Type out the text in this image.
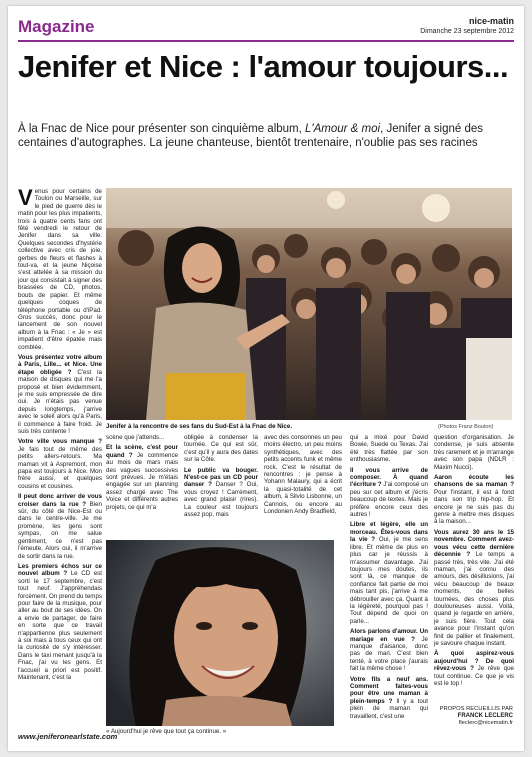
Magazine	nice-matin
Dimanche 23 septembre 2012
Jenifer et Nice : l'amour toujours...
À la Fnac de Nice pour présenter son cinquième album, L'Amour & moi, Jenifer a signé des centaines d'autographes. La jeune chanteuse, bientôt trentenaire, n'oublie pas ses racines

Venus pour certains de Toulon ou Marseille, sur le pied de guerre dès le matin pour les plus impatients, trois à quatre cents fans ont fêté vendredi le retour de Jenifer dans sa ville. Quelques secondes d'hystérie collective avec cris de joie, gerbes de fleurs et flashes à tout-va, et la jeune Niçoise s'est attelée à sa mission du jour qui consistait à signer des brassées de CD, photos, bouts de papier. Et même quelques coques de téléphone portable ou d'iPad. Gros succès, donc pour le lancement de son nouvel album à la Fnac : « Je » est impatient d'être épatée mais comblée.

Vous présentez votre album à Paris, Lille... et Nice. Une étape obligée ? C'est la maison de disques qui me l'a proposé et bien évidemment, je me suis empressée de dire oui. Je n'étais pas venue depuis longtemps, j'arrive avec le soleil alors qu'à Paris, il commence à faire froid. Je suis très contente !

Votre ville vous manque ? Je fais tout de même des petits allers-retours. Ma maman vit à Aspremont, mon papa est toujours à Nice. Mon frère aussi, et quelques cousins et cousines.

Il peut donc arriver de vous croiser dans la rue ? Bien sûr, du côté de Nice-Est ou dans le centre-ville. Je me promène, les gens sont sympas, on me salue gentiment, ce n'est pas l'émeute. Alors oui, il m'arrive de sortir dans la rue.

Les premiers échos sur ce nouvel album ? Le CD est sorti le 17 septembre, c'est tout neuf. J'appréhendais forcément. On prend du temps pour faire de la musique, pour aller au bout de ses idées. On a envie de partager, de faire en sorte que ce travail n'appartienne plus seulement à soi mais à tous ceux qui ont la curiosité de s'y intéresser. Dans le taxi menant jusqu'à la Fnac, j'ai vu les gens. Et l'accueil a priori est positif. Maintenant, c'est la

Jenifer à la rencontre de ses fans du Sud-Est à la Fnac de Nice.	(Photos Franz Bouton)

scène que j'attends...

Et la scène, c'est pour quand ? Je commence au mois de mars mais des vagues successives sont prévues. Je m'étais engagée sur un planning assez chargé avec The Voice et différents autres projets, ce qui m'a

obligée à condenser la tournée. Ce qui est sûr, c'est qu'il y aura des dates sur la Côte.

Le public va bouger. N'est-ce pas un CD pour danser ? Danser ? Oui, vous croyez ! Carrément, avec grand plaisir (rires). La couleur est toujours assez pop, mais

avec des consonnes un peu moins électro, un peu moins synthétiques, avec des petits accents funk et même rock. C'est le résultat de rencontres : je pense à Yohann Malaury, qui a écrit la quasi-totalité de cet album, à Silvio Lisbonne, un Cannois, ou encore au Londonien Andy Bradfield,

qui a mixé pour David Bowie, Suede ou Texas. J'ai été très flattée par son enthousiasme.

Il vous arrive de composer. À quand l'écriture ? J'ai composé un peu sur cet album et j'écris beaucoup de textes. Mais je préfère encore ceux des autres !

Libre et légère, elle un morceau. Êtes-vous dans la vie ? Oui, je me sens libre. Et même de plus en plus car je réussis à m'assumer davantage. J'ai toujours mes doutes, ils sont là, ce manque de confiance fait partie de moi mais tant pis, j'arrive à me débrouiller avec ça. Quant à la légèreté, pourquoi pas ! Tout dépend de quoi on parle...

Alors parlons d'amour. Un mariage en vue ? Je manque d'aisance, donc pas de mari. C'est bien tenté, à votre place j'aurais fait la même chose !

Votre fils a neuf ans. Comment faites-vous pour être une maman à plein-temps ? Il y a tout plein de maman qui travaillent, c'est une

question d'organisation. Je condense, je suis absente très rarement et je m'arrange avec son papa (NDLR : Maxim Nucci).

Aaron écoute les chansons de sa maman ? Pour l'instant, il est à fond dans son trip hip-hop. Et encore je ne suis pas du genre à mettre mes disques à la maison...

Vous aurez 30 ans le 15 novembre. Comment avez-vous vécu cette dernière décennie ? Le temps a passé très, très vite. J'ai été maman, j'ai connu des amours, des désillusions, j'ai vécu beaucoup de beaux moments, de belles tournées, des choses plus douloureuses aussi. Voilà, quand je regarde en arrière, je suis fière. Tout cela avance pour l'instant qu'on finit de pallier et finalement, je savoure chaque instant.

À quoi aspirez-vous aujourd'hui ? De quoi rêvez-vous ? Je rêve que tout continue. Ce que je vis est le top !

« Aujourd'hui je rêve que tout ça continue. »
PROPOS RECUEILLIS PAR
FRANCK LECLERC
fleclerc@nicematin.fr
www.jeniferonearlstate.com
